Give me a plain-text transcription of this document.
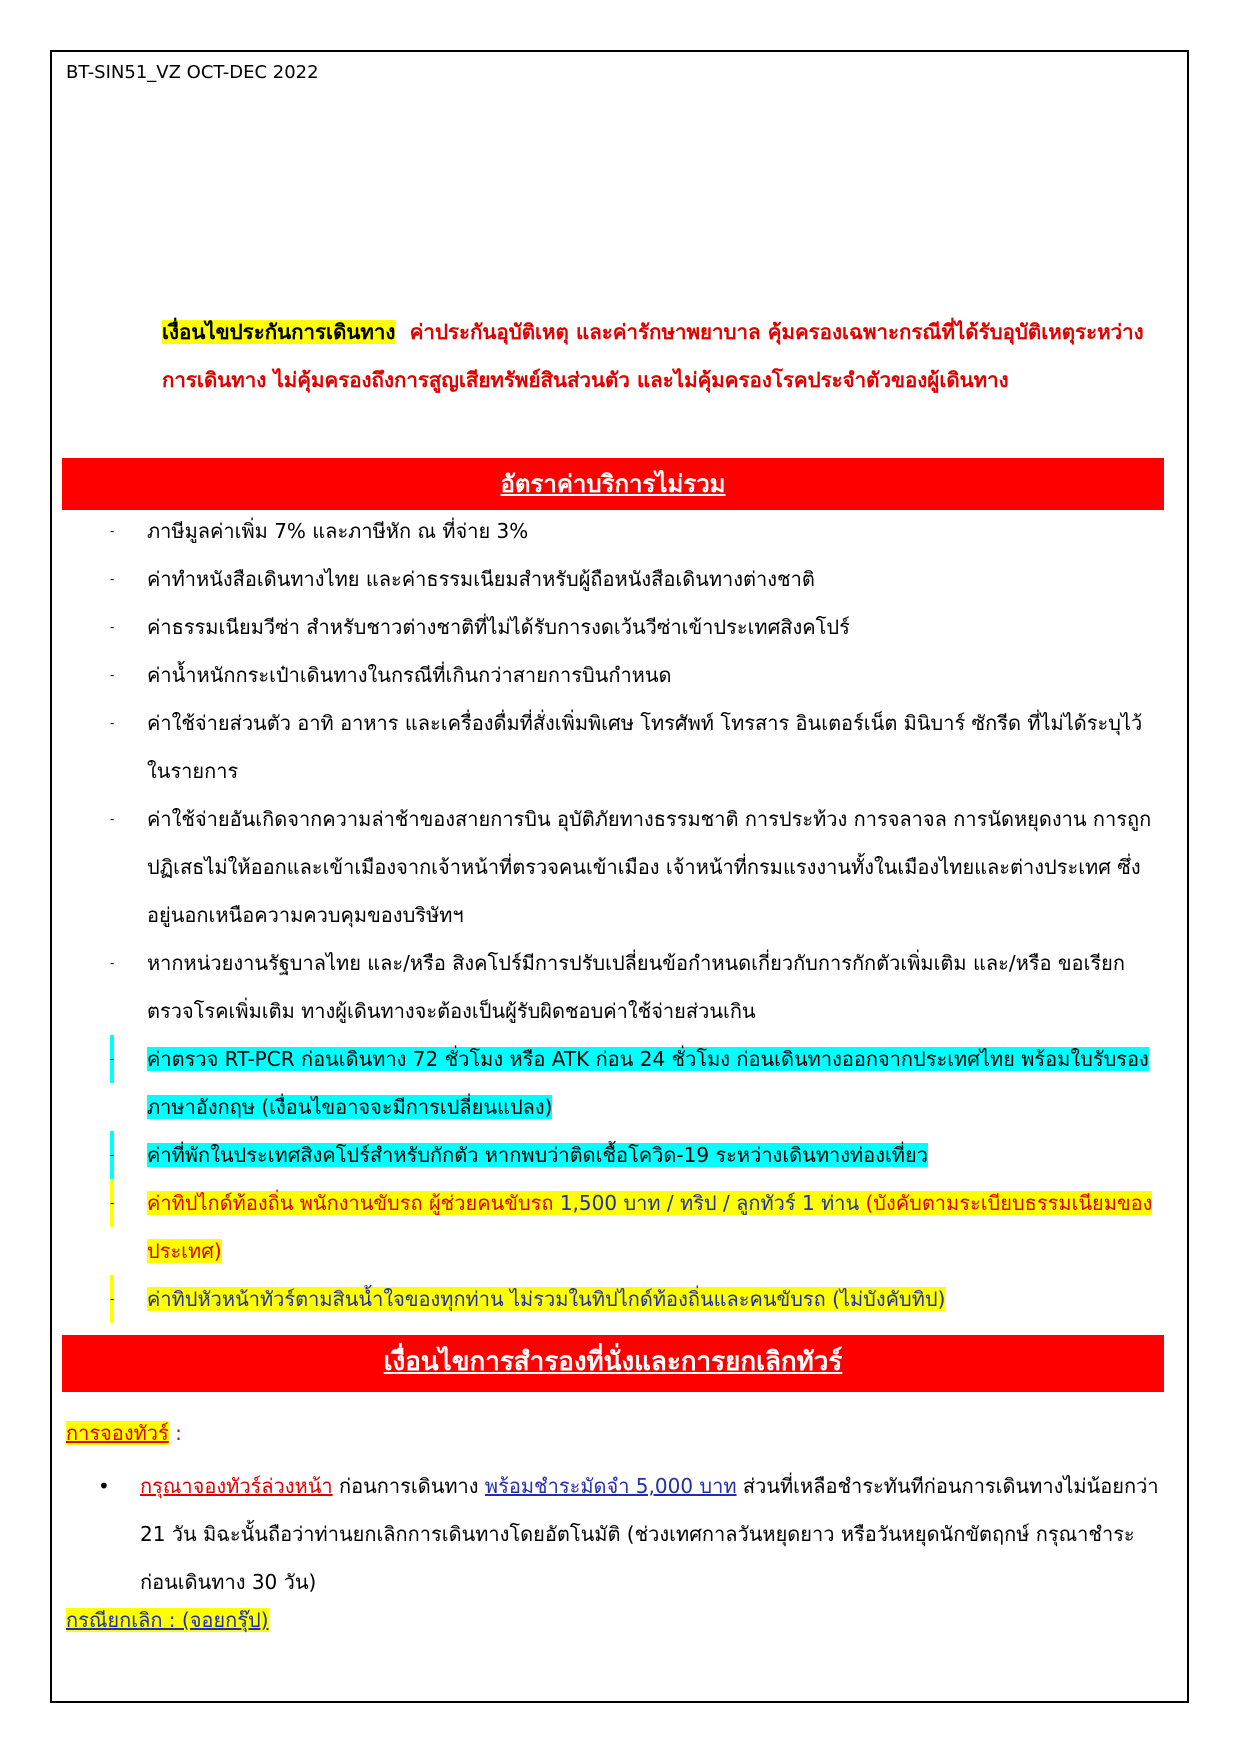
BT-SIN51_VZ OCT-DEC 2022
เงื่อนไขประกันการเดินทาง ค่าประกันอุบัติเหตุ และค่ารักษาพยาบาล คุ้มครองเฉพาะกรณีที่ได้รับอุบัติเหตุระหว่างการเดินทาง ไม่คุ้มครองถึงการสูญเสียทรัพย์สินส่วนตัว และไม่คุ้มครองโรคประจำตัวของผู้เดินทาง
อัตราค่าบริการไม่รวม
- ภาษีมูลค่าเพิ่ม 7% และภาษีหัก ณ ที่จ่าย 3%
- ค่าทำหนังสือเดินทางไทย และค่าธรรมเนียมสำหรับผู้ถือหนังสือเดินทางต่างชาติ
- ค่าธรรมเนียมวีซ่า สำหรับชาวต่างชาติที่ไม่ได้รับการงดเว้นวีซ่าเข้าประเทศสิงคโปร์
- ค่าน้ำหนักกระเป๋าเดินทางในกรณีที่เกินกว่าสายการบินกำหนด
- ค่าใช้จ่ายส่วนตัว อาทิ อาหาร และเครื่องดื่มที่สั่งเพิ่มพิเศษ โทรศัพท์ โทรสาร อินเตอร์เน็ต มินิบาร์ ซักรีด ที่ไม่ได้ระบุไว้ในรายการ
- ค่าใช้จ่ายอันเกิดจากความล่าช้าของสายการบิน อุบัติภัยทางธรรมชาติ การประท้วง การจลาจล การนัดหยุดงาน การถูกปฏิเสธไม่ให้ออกและเข้าเมืองจากเจ้าหน้าที่ตรวจคนเข้าเมือง เจ้าหน้าที่กรมแรงงานทั้งในเมืองไทยและต่างประเทศ ซึ่งอยู่นอกเหนือความควบคุมของบริษัทฯ
- หากหน่วยงานรัฐบาลไทย และ/หรือ สิงคโปร์มีการปรับเปลี่ยนข้อกำหนดเกี่ยวกับการกักตัวเพิ่มเติม และ/หรือ ขอเรียกตรวจโรคเพิ่มเติม ทางผู้เดินทางจะต้องเป็นผู้รับผิดชอบค่าใช้จ่ายส่วนเกิน
- ค่าตรวจ RT-PCR ก่อนเดินทาง 72 ชั่วโมง หรือ ATK ก่อน 24 ชั่วโมง ก่อนเดินทางออกจากประเทศไทย พร้อมใบรับรองภาษาอังกฤษ (เงื่อนไขอาจจะมีการเปลี่ยนแปลง)
- ค่าที่พักในประเทศสิงคโปร์สำหรับกักตัว หากพบว่าติดเชื้อโควิด-19 ระหว่างเดินทางท่องเที่ยว
- ค่าทิปไกด์ท้องถิ่น พนักงานขับรถ ผู้ช่วยคนขับรถ 1,500 บาท / ทริป / ลูกทัวร์ 1 ท่าน (บังคับตามระเบียบธรรมเนียมของประเทศ)
- ค่าทิปหัวหน้าทัวร์ตามสินน้ำใจของทุกท่าน ไม่รวมในทิปไกด์ท้องถิ่นและคนขับรถ (ไม่บังคับทิป)
เงื่อนไขการสำรองที่นั่งและการยกเลิกทัวร์
การจองทัวร์ :
• กรุณาจองทัวร์ล่วงหน้า ก่อนการเดินทาง พร้อมชำระมัดจำ 5,000 บาท ส่วนที่เหลือชำระทันทีก่อนการเดินทางไม่น้อยกว่า 21 วัน มิฉะนั้นถือว่าท่านยกเลิกการเดินทางโดยอัตโนมัติ (ช่วงเทศกาลวันหยุดยาว หรือวันหยุดนักขัตฤกษ์ กรุณาชำระก่อนเดินทาง 30 วัน)
กรณียกเลิก : (จอยกรุ๊ป)
